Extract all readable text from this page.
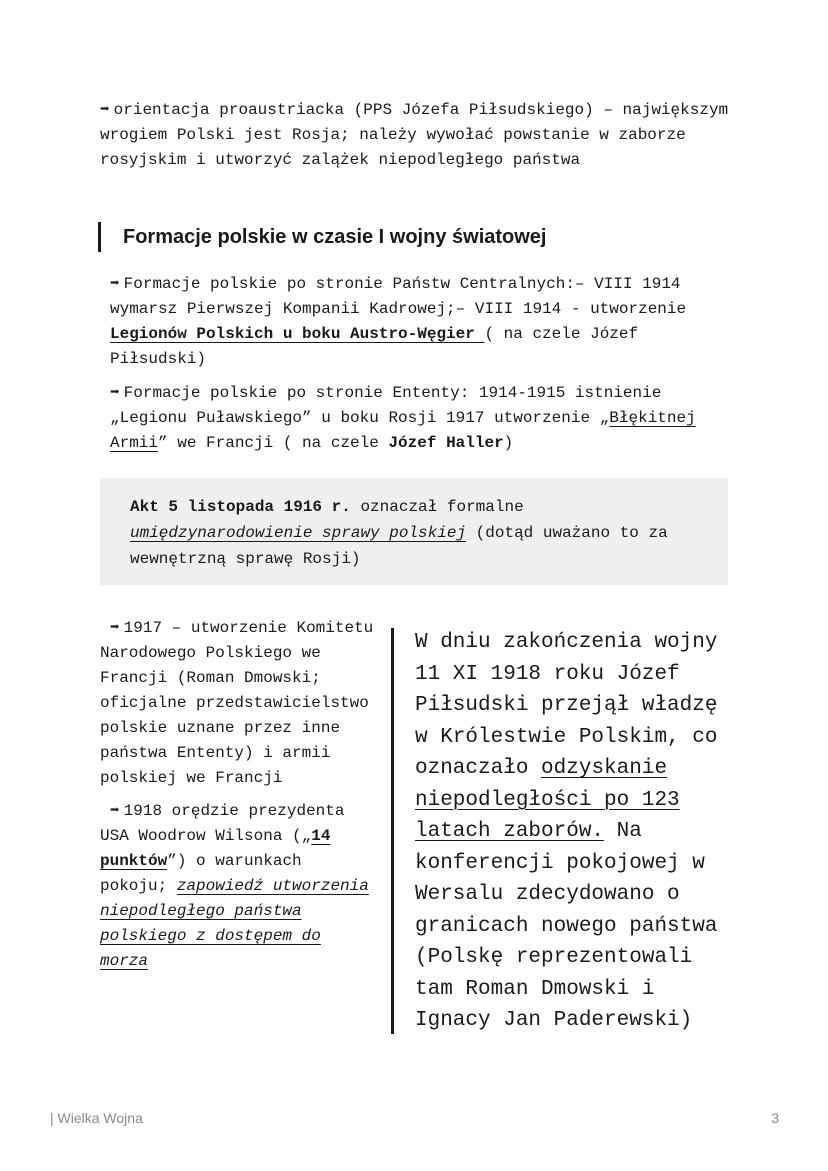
➡ orientacja proaustriacka (PPS Józefa Piłsudskiego) – największym wrogiem Polski jest Rosja; należy wywołać powstanie w zaborze rosyjskim i utworzyć zalążek niepodległego państwa

Formacje polskie w czasie I wojny światowej

➡ Formacje polskie po stronie Państw Centralnych:– VIII 1914 wymarsz Pierwszej Kompanii Kadrowej;– VIII 1914 - utworzenie Legionów Polskich u boku Austro-Węgier ( na czele Józef Piłsudski)

➡ Formacje polskie po stronie Ententy: 1914-1915 istnienie „Legionu Puławskiego” u boku Rosji 1917 utworzenie „Błękitnej Armii” we Francji ( na czele Józef Haller)

Akt 5 listopada 1916 r. oznaczał formalne umiędzynarodowienie sprawy polskiej (dotąd uważano to za wewnętrzną sprawę Rosji)

➡ 1917 – utworzenie Komitetu Narodowego Polskiego we Francji (Roman Dmowski; oficjalne przedstawicielstwo polskie uznane przez inne państwa Ententy) i armii polskiej we Francji

➡ 1918 orędzie prezydenta USA Woodrow Wilsona („14 punktów”) o warunkach pokoju; zapowiedź utworzenia niepodległego państwa polskiego z dostępem do morza

W dniu zakończenia wojny 11 XI 1918 roku Józef Piłsudski przejął władzę w Królestwie Polskim, co oznaczało odzyskanie niepodległości po 123 latach zaborów. Na konferencji pokojowej w Wersalu zdecydowano o granicach nowego państwa (Polskę reprezentowali tam Roman Dmowski i Ignacy Jan Paderewski)
| Wielka Wojna	3
